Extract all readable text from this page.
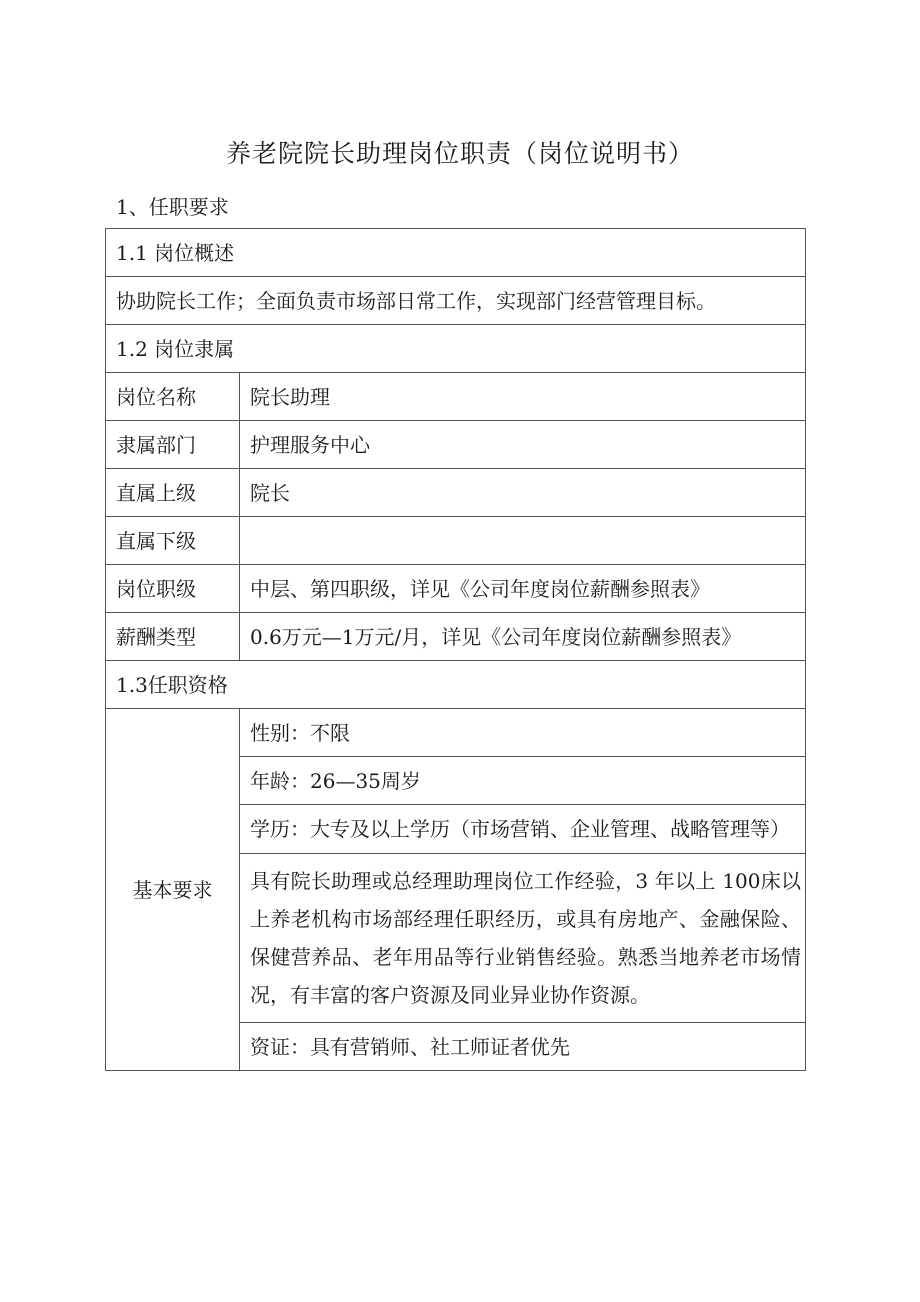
养老院院长助理岗位职责（岗位说明书）
1、任职要求
1.1 岗位概述	
协助院长工作；全面负责市场部日常工作，实现部门经营管理目标。	
1.2 岗位隶属	
岗位名称	院长助理
隶属部门	护理服务中心
直属上级	院长
直属下级	
岗位职级	中层、第四职级，详见《公司年度岗位薪酬参照表》
薪酬类型	0.6万元—1万元/月，详见《公司年度岗位薪酬参照表》
1.3任职资格	
基本要求	性别：不限
	年龄：26—35周岁
	学历：大专及以上学历（市场营销、企业管理、战略管理等）
	具有院长助理或总经理助理岗位工作经验，3 年以上 100床以上养老机构市场部经理任职经历，或具有房地产、金融保险、保健营养品、老年用品等行业销售经验。熟悉当地养老市场情况，有丰富的客户资源及同业异业协作资源。
	资证：具有营销师、社工师证者优先
